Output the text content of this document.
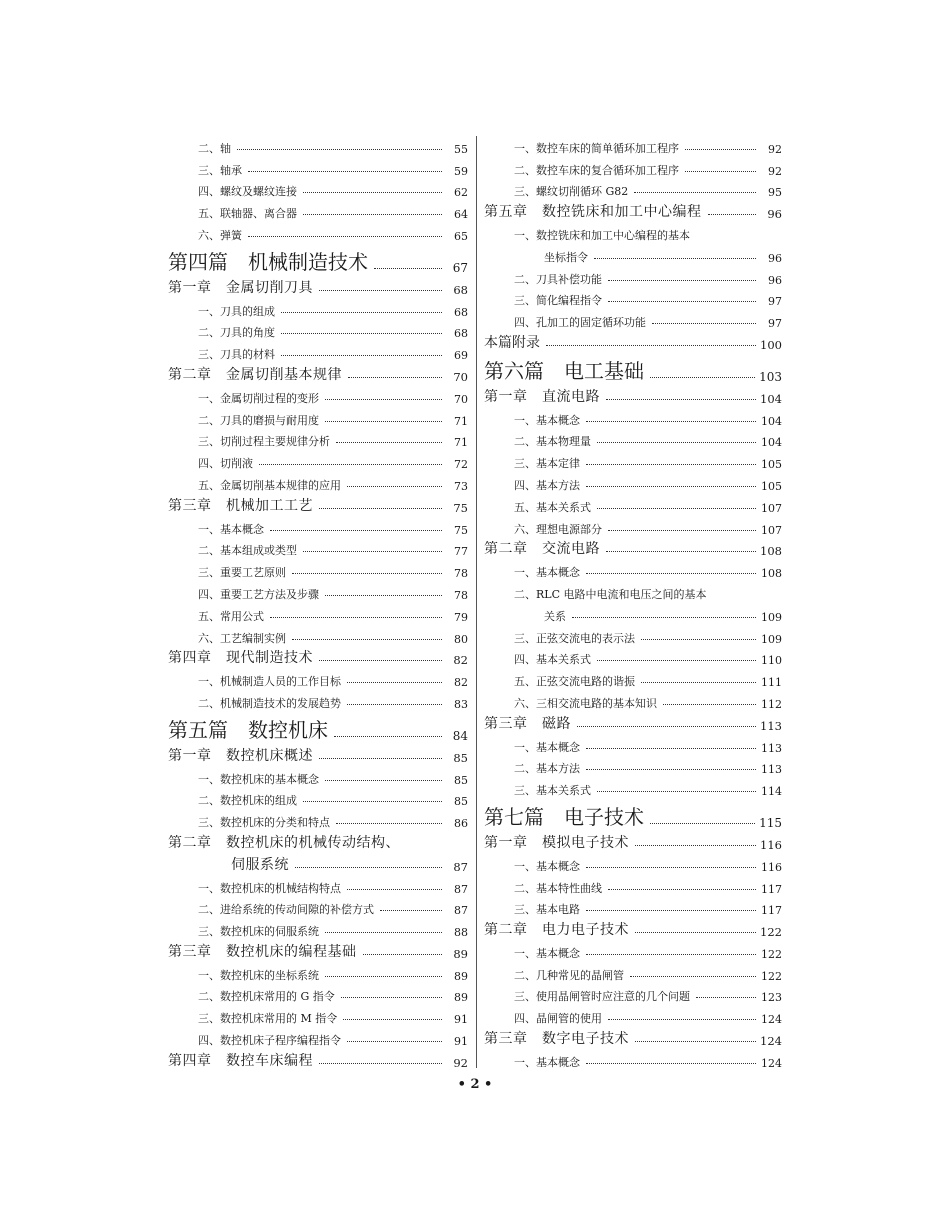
二、轴	55
三、轴承	59
四、螺纹及螺纹连接	62
五、联轴器、离合器	64
六、弹簧	65
第四篇　机械制造技术	67
第一章　金属切削刀具	68
一、刀具的组成	68
二、刀具的角度	68
三、刀具的材料	69
第二章　金属切削基本规律	70
一、金属切削过程的变形	70
二、刀具的磨损与耐用度	71
三、切削过程主要规律分析	71
四、切削液	72
五、金属切削基本规律的应用	73
第三章　机械加工工艺	75
一、基本概念	75
二、基本组成或类型	77
三、重要工艺原则	78
四、重要工艺方法及步骤	78
五、常用公式	79
六、工艺编制实例	80
第四章　现代制造技术	82
一、机械制造人员的工作目标	82
二、机械制造技术的发展趋势	83
第五篇　数控机床	84
第一章　数控机床概述	85
一、数控机床的基本概念	85
二、数控机床的组成	85
三、数控机床的分类和特点	86
第二章　数控机床的机械传动结构、
伺服系统	87
一、数控机床的机械结构特点	87
二、进给系统的传动间隙的补偿方式	87
三、数控机床的伺服系统	88
第三章　数控机床的编程基础	89
一、数控机床的坐标系统	89
二、数控机床常用的 G 指令	89
三、数控机床常用的 M 指令	91
四、数控机床子程序编程指令	91
第四章　数控车床编程	92
一、数控车床的简单循环加工程序	92
二、数控车床的复合循环加工程序	92
三、螺纹切削循环 G82	95
第五章　数控铣床和加工中心编程	96
一、数控铣床和加工中心编程的基本
坐标指令	96
二、刀具补偿功能	96
三、简化编程指令	97
四、孔加工的固定循环功能	97
本篇附录	100
第六篇　电工基础	103
第一章　直流电路	104
一、基本概念	104
二、基本物理量	104
三、基本定律	105
四、基本方法	105
五、基本关系式	107
六、理想电源部分	107
第二章　交流电路	108
一、基本概念	108
二、RLC 电路中电流和电压之间的基本
关系	109
三、正弦交流电的表示法	109
四、基本关系式	110
五、正弦交流电路的谐振	111
六、三相交流电路的基本知识	112
第三章　磁路	113
一、基本概念	113
二、基本方法	113
三、基本关系式	114
第七篇　电子技术	115
第一章　模拟电子技术	116
一、基本概念	116
二、基本特性曲线	117
三、基本电路	117
第二章　电力电子技术	122
一、基本概念	122
二、几种常见的晶闸管	122
三、使用晶闸管时应注意的几个问题	123
四、晶闸管的使用	124
第三章　数字电子技术	124
一、基本概念	124
• 2 •
